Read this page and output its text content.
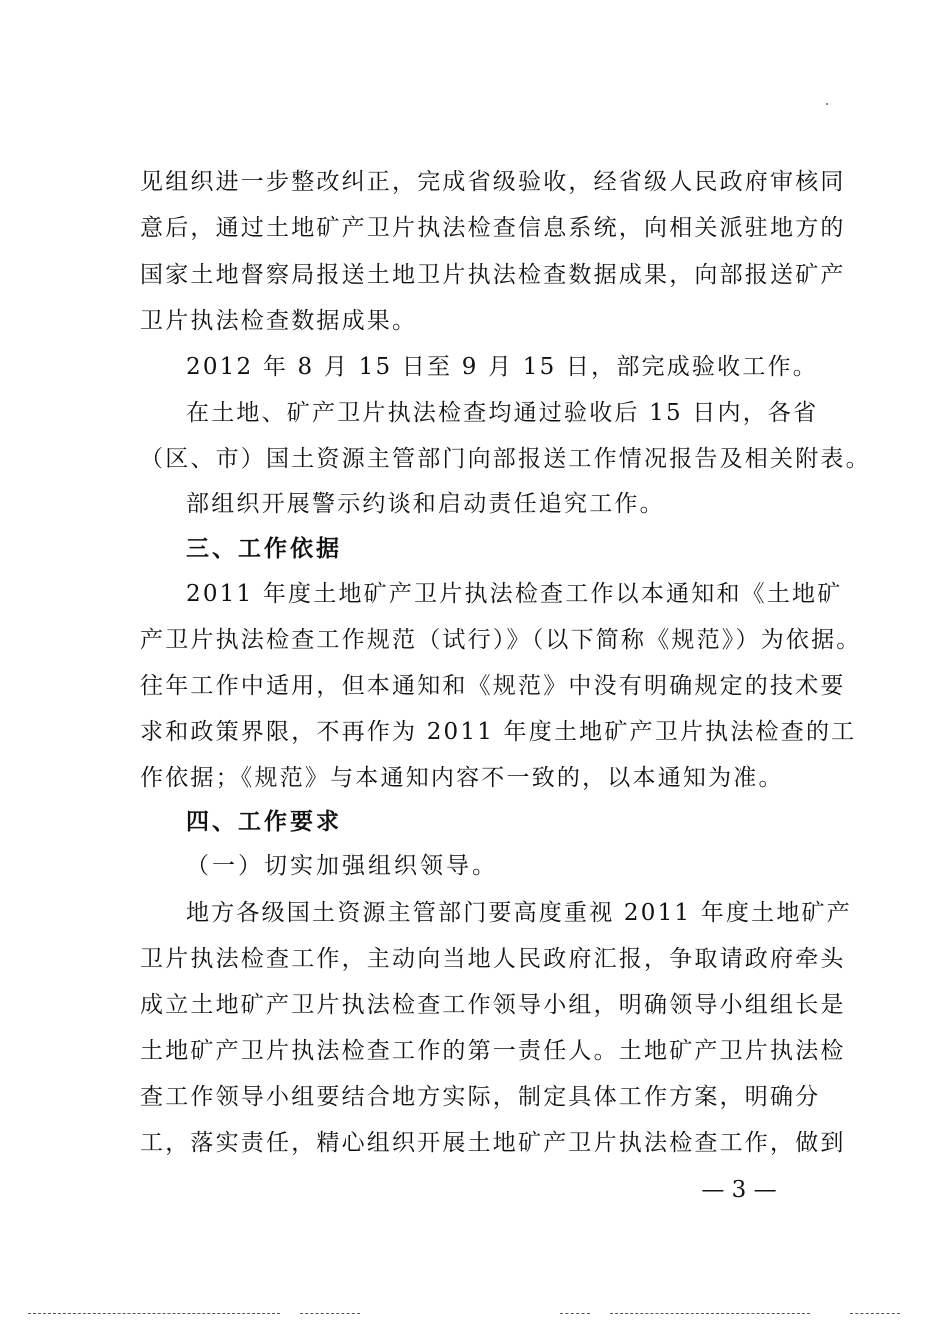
见组织进一步整改纠正，完成省级验收，经省级人民政府审核同
意后，通过土地矿产卫片执法检查信息系统，向相关派驻地方的
国家土地督察局报送土地卫片执法检查数据成果，向部报送矿产
卫片执法检查数据成果。
2012 年 8 月 15 日至 9 月 15 日，部完成验收工作。
在土地、矿产卫片执法检查均通过验收后 15 日内，各省
（区、市）国土资源主管部门向部报送工作情况报告及相关附表。
部组织开展警示约谈和启动责任追究工作。
三、工作依据
2011 年度土地矿产卫片执法检查工作以本通知和《土地矿
产卫片执法检查工作规范（试行）》（以下简称《规范》）为依据。
往年工作中适用，但本通知和《规范》中没有明确规定的技术要
求和政策界限，不再作为 2011 年度土地矿产卫片执法检查的工
作依据；《规范》与本通知内容不一致的，以本通知为准。
四、工作要求
（一）切实加强组织领导。
地方各级国土资源主管部门要高度重视 2011 年度土地矿产
卫片执法检查工作，主动向当地人民政府汇报，争取请政府牵头
成立土地矿产卫片执法检查工作领导小组，明确领导小组组长是
土地矿产卫片执法检查工作的第一责任人。土地矿产卫片执法检
查工作领导小组要结合地方实际，制定具体工作方案，明确分
工，落实责任，精心组织开展土地矿产卫片执法检查工作，做到
— 3 —
